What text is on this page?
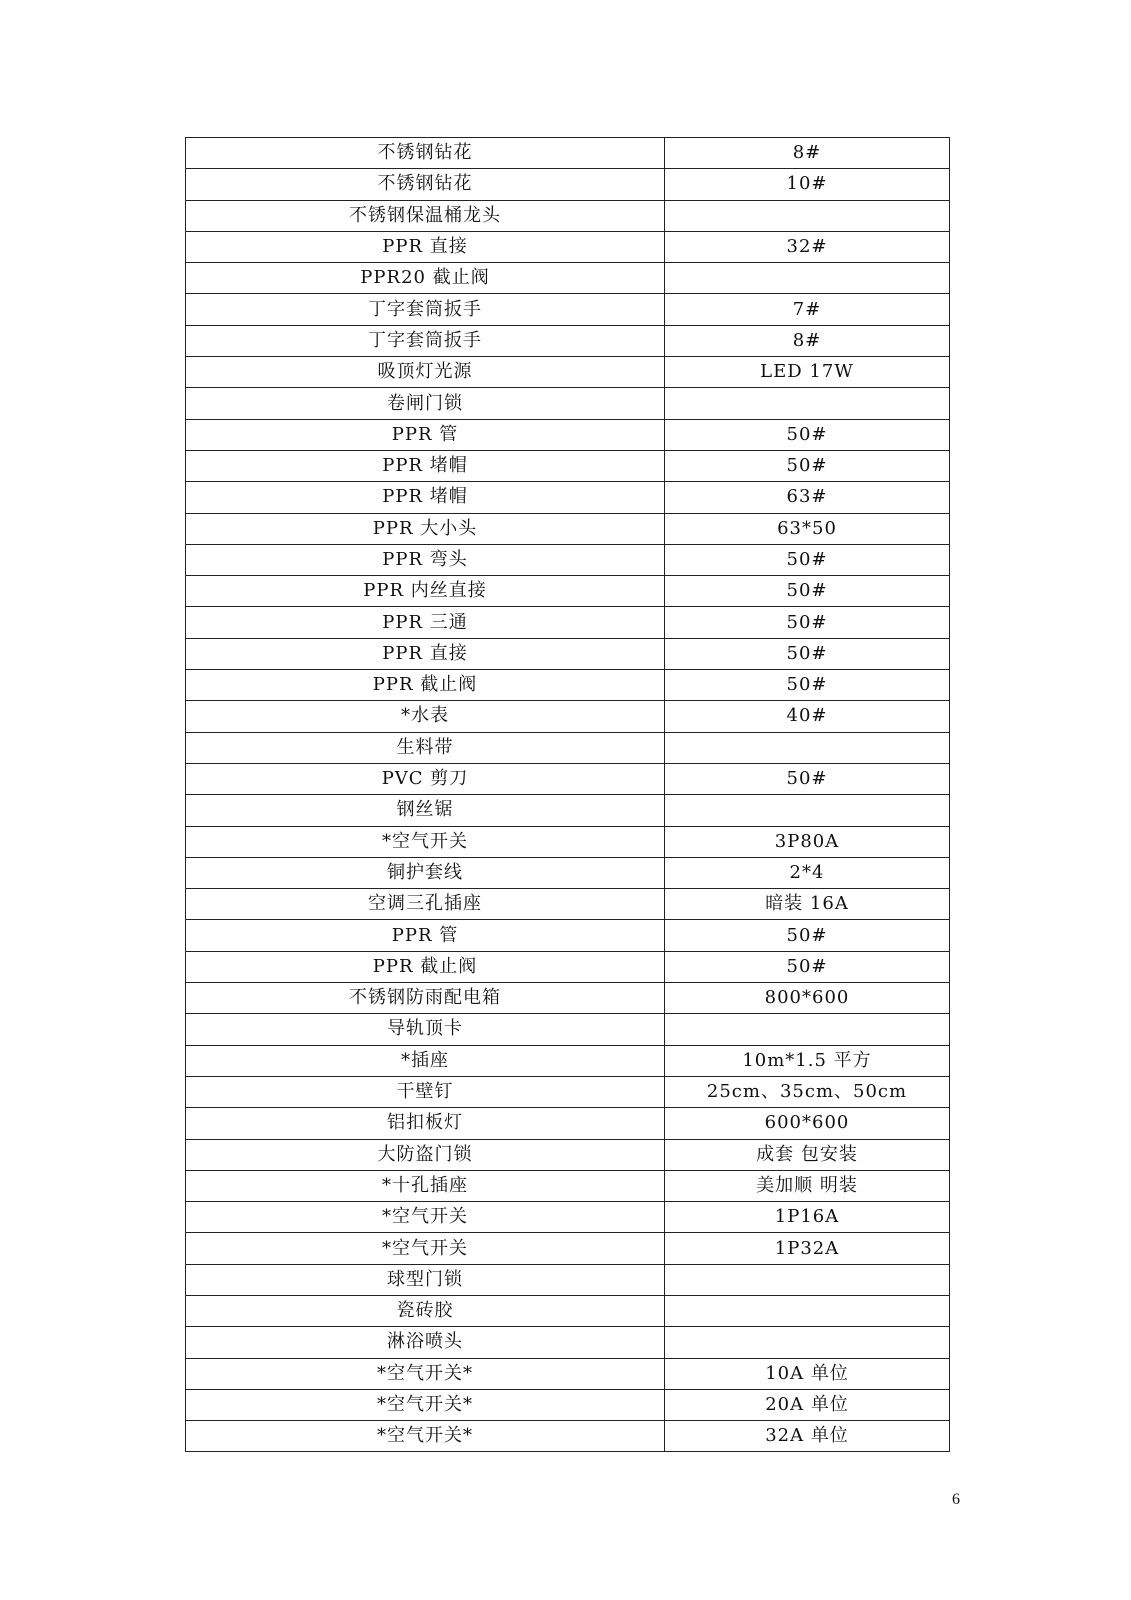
不锈钢钻花	8#
不锈钢钻花	10#
不锈钢保温桶龙头	
PPR 直接	32#
PPR20 截止阀	
丁字套筒扳手	7#
丁字套筒扳手	8#
吸顶灯光源	LED 17W
卷闸门锁	
PPR 管	50#
PPR 堵帽	50#
PPR 堵帽	63#
PPR 大小头	63*50
PPR 弯头	50#
PPR 内丝直接	50#
PPR 三通	50#
PPR 直接	50#
PPR 截止阀	50#
*水表	40#
生料带	
PVC 剪刀	50#
钢丝锯	
*空气开关	3P80A
铜护套线	2*4
空调三孔插座	暗装 16A
PPR 管	50#
PPR 截止阀	50#
不锈钢防雨配电箱	800*600
导轨顶卡	
*插座	10m*1.5 平方
干壁钉	25cm、35cm、50cm
铝扣板灯	600*600
大防盗门锁	成套 包安装
*十孔插座	美加顺 明装
*空气开关	1P16A
*空气开关	1P32A
球型门锁	
瓷砖胶	
淋浴喷头	
*空气开关*	10A 单位
*空气开关*	20A 单位
*空气开关*	32A 单位
6
